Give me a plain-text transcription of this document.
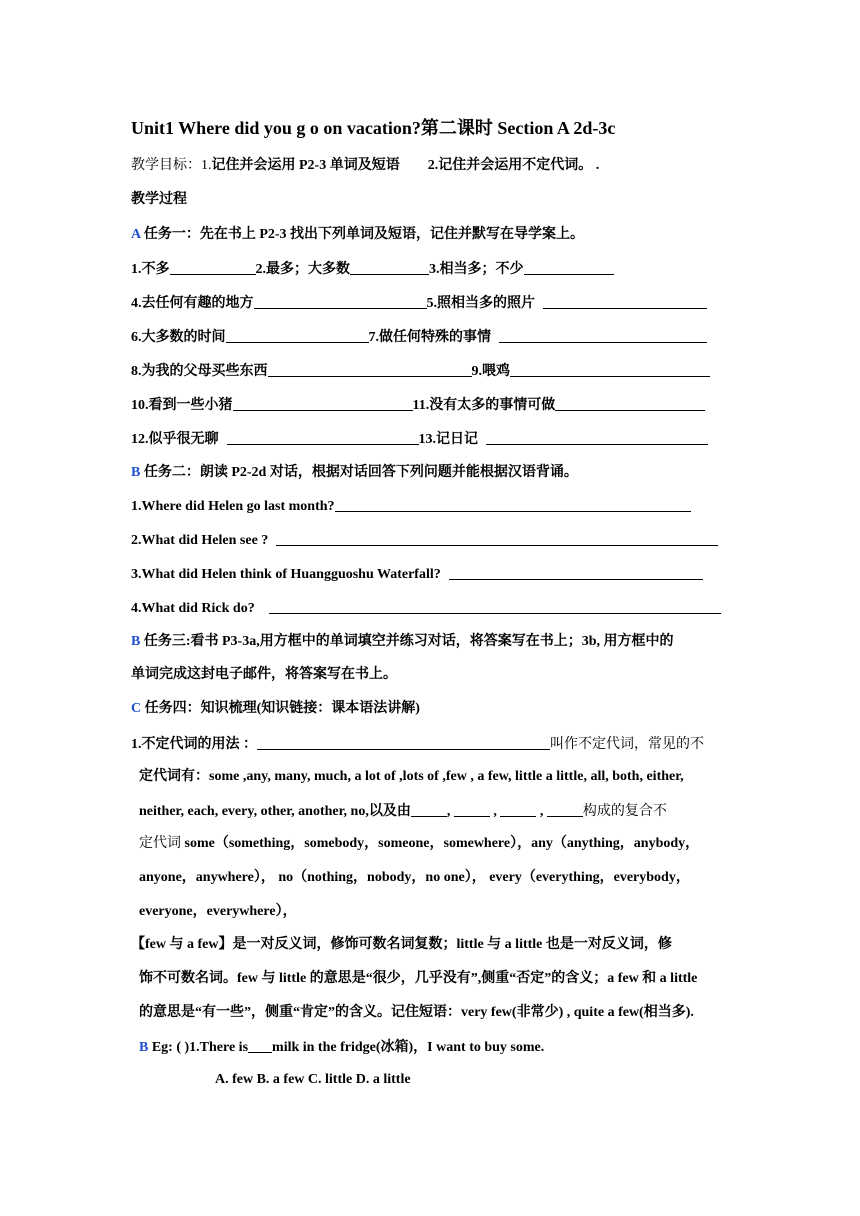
Unit1 Where did you g o on vacation?第二课时 Section A 2d-3c
教学目标：1.记住并会运用 P2-3 单词及短语 2.记住并会运用不定代词。 .
教学过程
A 任务一：先在书上 P2-3 找出下列单词及短语，记住并默写在导学案上。
1.不多	2.最多；大多数	3.相当多；不少
4.去任何有趣的地方	5.照相当多的照片
6.大多数的时间	7.做任何特殊的事情
8.为我的父母买些东西	9.喂鸡
10.看到一些小猪	11.没有太多的事情可做
12.似乎很无聊	13.记日记
B 任务二：朗读 P2-2d 对话，根据对话回答下列问题并能根据汉语背诵。
1.Where did Helen go last month?
2.What did Helen see ?
3.What did Helen think of Huangguoshu Waterfall?
4.What did Rick do?
B 任务三:看书 P3-3a,用方框中的单词填空并练习对话，将答案写在书上；3b, 用方框中的
单词完成这封电子邮件，将答案写在书上。
C 任务四：知识梳理(知识链接：课本语法讲解)
1.不定代词的用法 ：	叫作不定代词，常见的不
定代词有：some ,any, many, much, a lot of ,lots of ,few , a few, little a little, all, both, either,
neither, each, every, other, another, no,以及由	,	,	,	构成的复合不
定代词 some（something，somebody，someone，somewhere），any（anything，anybody，
anyone，anywhere）， no（nothing，nobody，no one）， every（everything，everybody，
everyone，everywhere），
【few 与 a few】是一对反义词，修饰可数名词复数；little 与 a little 也是一对反义词，修
饰不可数名词。few 与 little 的意思是“很少，几乎没有”,侧重“否定”的含义；a few 和 a little
的意思是“有一些”，侧重“肯定”的含义。记住短语：very few(非常少) , quite a few(相当多).
B Eg: ( )1.There is milk in the fridge(冰箱)，I want to buy some.
A. few B. a few C. little D. a little
